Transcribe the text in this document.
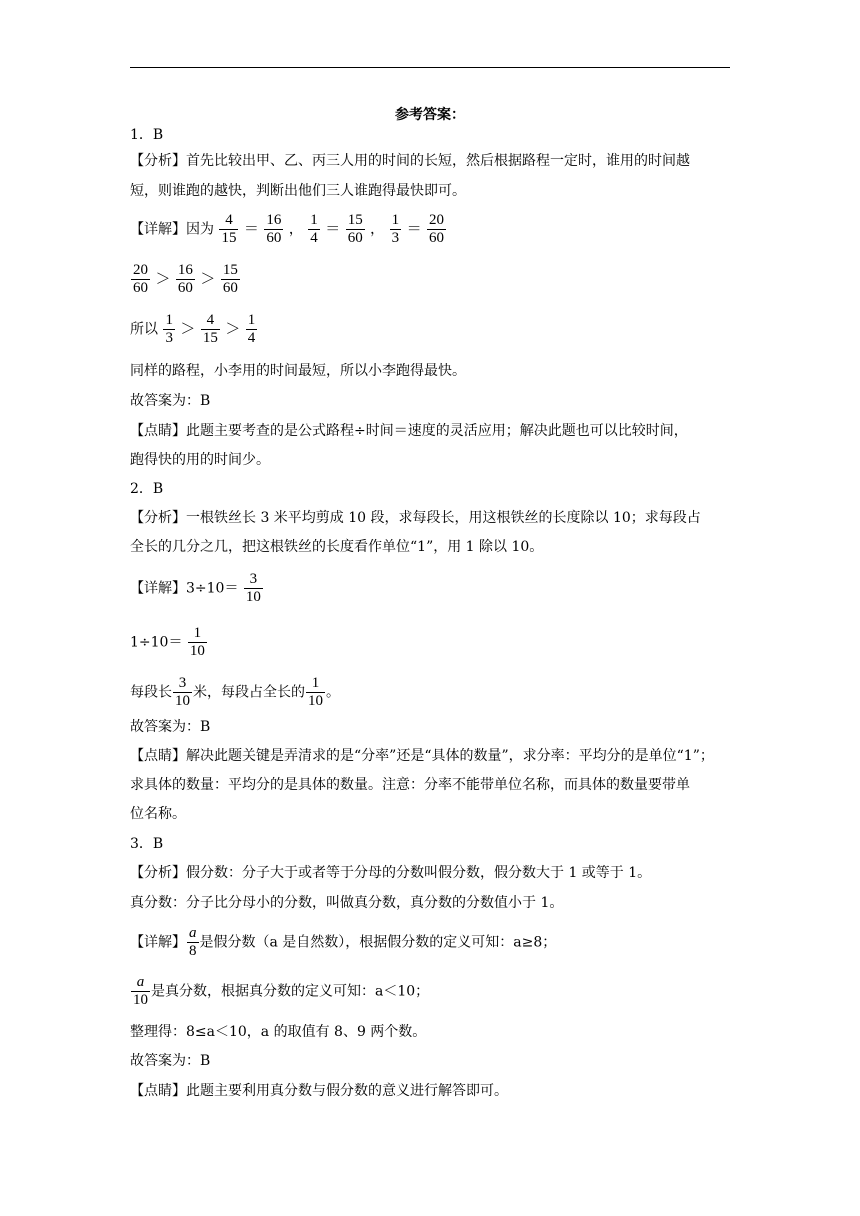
参考答案：
1．B
【分析】首先比较出甲、乙、丙三人用的时间的长短，然后根据路程一定时，谁用的时间越
短，则谁跑的越快，判断出他们三人谁跑得最快即可。
【详解】因为 $\frac{4}{15} = \frac{16}{60}$ ， $\frac{1}{4} = \frac{15}{60}$ ， $\frac{1}{3} = \frac{20}{60}$
$\frac{20}{60} > \frac{16}{60} > \frac{15}{60}$
所以 $\frac{1}{3} > \frac{4}{15} > \frac{1}{4}$
同样的路程，小李用的时间最短，所以小李跑得最快。
故答案为：B
【点睛】此题主要考查的是公式路程÷时间＝速度的灵活应用；解决此题也可以比较时间，
跑得快的用的时间少。
2．B
【分析】一根铁丝长 3 米平均剪成 10 段，求每段长，用这根铁丝的长度除以 10；求每段占
全长的几分之几，把这根铁丝的长度看作单位“1”，用 1 除以 10。
【详解】$3\div 10= \frac{3}{10}$
$1\div 10= \frac{1}{10}$
每段长 $\frac{3}{10}$ 米，每段占全长的 $\frac{1}{10}$ 。
故答案为：B
【点睛】解决此题关键是弄清求的是“分率”还是“具体的数量”，求分率：平均分的是单位“1”；
求具体的数量：平均分的是具体的数量。注意：分率不能带单位名称，而具体的数量要带单
位名称。
3．B
【分析】假分数：分子大于或者等于分母的分数叫假分数，假分数大于 1 或等于 1。
真分数：分子比分母小的分数，叫做真分数，真分数的分数值小于 1。
【详解】 $\frac{a}{8}$ 是假分数（a 是自然数），根据假分数的定义可知：a≥8；
$\frac{a}{10}$ 是真分数，根据真分数的定义可知：a＜10；
整理得：8≤a＜10，a 的取值有 8、9 两个数。
故答案为：B
【点睛】此题主要利用真分数与假分数的意义进行解答即可。
